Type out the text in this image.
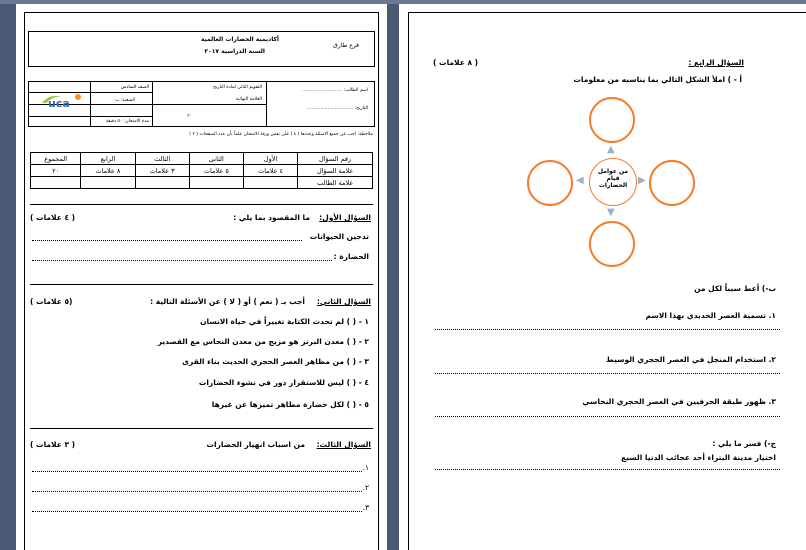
أكاديمية الحضارات العالمية
السنة الدراسية ٢٠١٧
فرع طارق
اسم الطالب: ............................
التاريخ: .................................
التقويم الثاني لمادة التاريخ
العلامة النهائية
٣٠
الصف السادس
الشعبة: ب
مدة الامتحان: ٥٠ دقيقة
uca
ملاحظة: اجب عن جميع الاسئلة وعددها ( ٤ ) على نفس ورقة الامتحان علماً بأن عدد الصفحات ( ٢ )
رقم السؤال	الأول	الثاني	الثالث	الرابع	المجموع
علامة السؤال	٤ علامات	٥ علامات	٣ علامات	٨ علامات	٢٠
علامة الطالب					
السؤال الأول:
ما المقصود بما يلي :
( ٤ علامات )
تدجين الحيوانات
الحضارة :
السؤال الثاني:
أجب بـ ( نعم ) أو ( لا ) عن الأسئلة التالية :
(٥ علامات )
١ - ( ) لم تحدث الكتابة تغييراً في حياة الانسان
٢ - ( ) معدن البرنز هو مزيج من معدن النحاس مع القصدير
٣ - ( ) من مظاهر العصر الحجري الحديث بناء القرى
٤ - ( ) ليس للاستقرار دور في نشوء الحضارات
٥ - ( ) لكل حضارة مظاهر تميزها عن غيرها
السؤال الثالث:
من اسباب انهيار الحضارات
( ٣ علامات )
١.
٢.
٣.
السؤال الرابع :
( ٨ علامات )
أ - ) املأ الشكل التالي بما يناسبه من معلومات
من عوامل قيام الحضارات
▲
▼
◀	▶
ب-) أعط سبباً لكل من
١. تسمية العصر الحديدي بهذا الاسم
٢. استخدام المنجل في العصر الحجري الوسيط
٣. ظهور طبقة الحرفيين في العصر الحجري النحاسي
ج-) فسر ما يلي :
اختيار مدينة البتراء أحد عجائب الدنيا السبع
